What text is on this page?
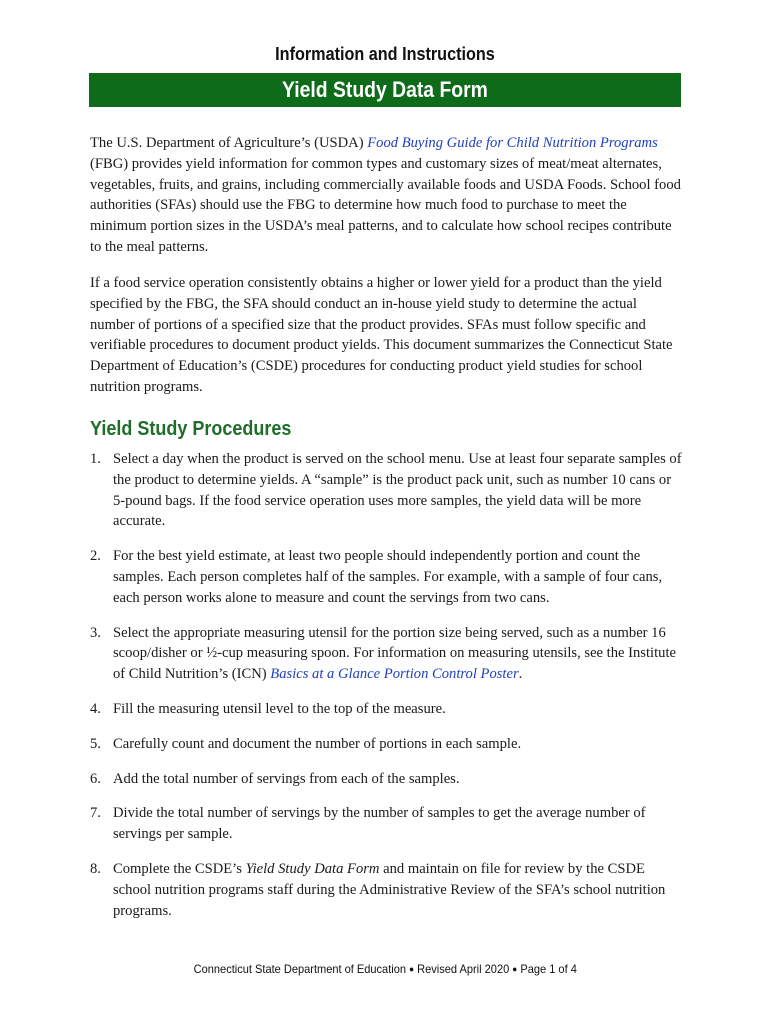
Information and Instructions
Yield Study Data Form

The U.S. Department of Agriculture’s (USDA) Food Buying Guide for Child Nutrition Programs (FBG) provides yield information for common types and customary sizes of meat/meat alternates, vegetables, fruits, and grains, including commercially available foods and USDA Foods. School food authorities (SFAs) should use the FBG to determine how much food to purchase to meet the minimum portion sizes in the USDA’s meal patterns, and to calculate how school recipes contribute to the meal patterns.

If a food service operation consistently obtains a higher or lower yield for a product than the yield specified by the FBG, the SFA should conduct an in-house yield study to determine the actual number of portions of a specified size that the product provides. SFAs must follow specific and verifiable procedures to document product yields. This document summarizes the Connecticut State Department of Education’s (CSDE) procedures for conducting product yield studies for school nutrition programs.

Yield Study Procedures
1. Select a day when the product is served on the school menu. Use at least four separate samples of the product to determine yields. A “sample” is the product pack unit, such as number 10 cans or 5-pound bags. If the food service operation uses more samples, the yield data will be more accurate.
2. For the best yield estimate, at least two people should independently portion and count the samples. Each person completes half of the samples. For example, with a sample of four cans, each person works alone to measure and count the servings from two cans.
3. Select the appropriate measuring utensil for the portion size being served, such as a number 16 scoop/disher or ½-cup measuring spoon. For information on measuring utensils, see the Institute of Child Nutrition’s (ICN) Basics at a Glance Portion Control Poster.
4. Fill the measuring utensil level to the top of the measure.
5. Carefully count and document the number of portions in each sample.
6. Add the total number of servings from each of the samples.
7. Divide the total number of servings by the number of samples to get the average number of servings per sample.
8. Complete the CSDE’s Yield Study Data Form and maintain on file for review by the CSDE school nutrition programs staff during the Administrative Review of the SFA’s school nutrition programs.
Connecticut State Department of Education ● Revised April 2020 ● Page 1 of 4
